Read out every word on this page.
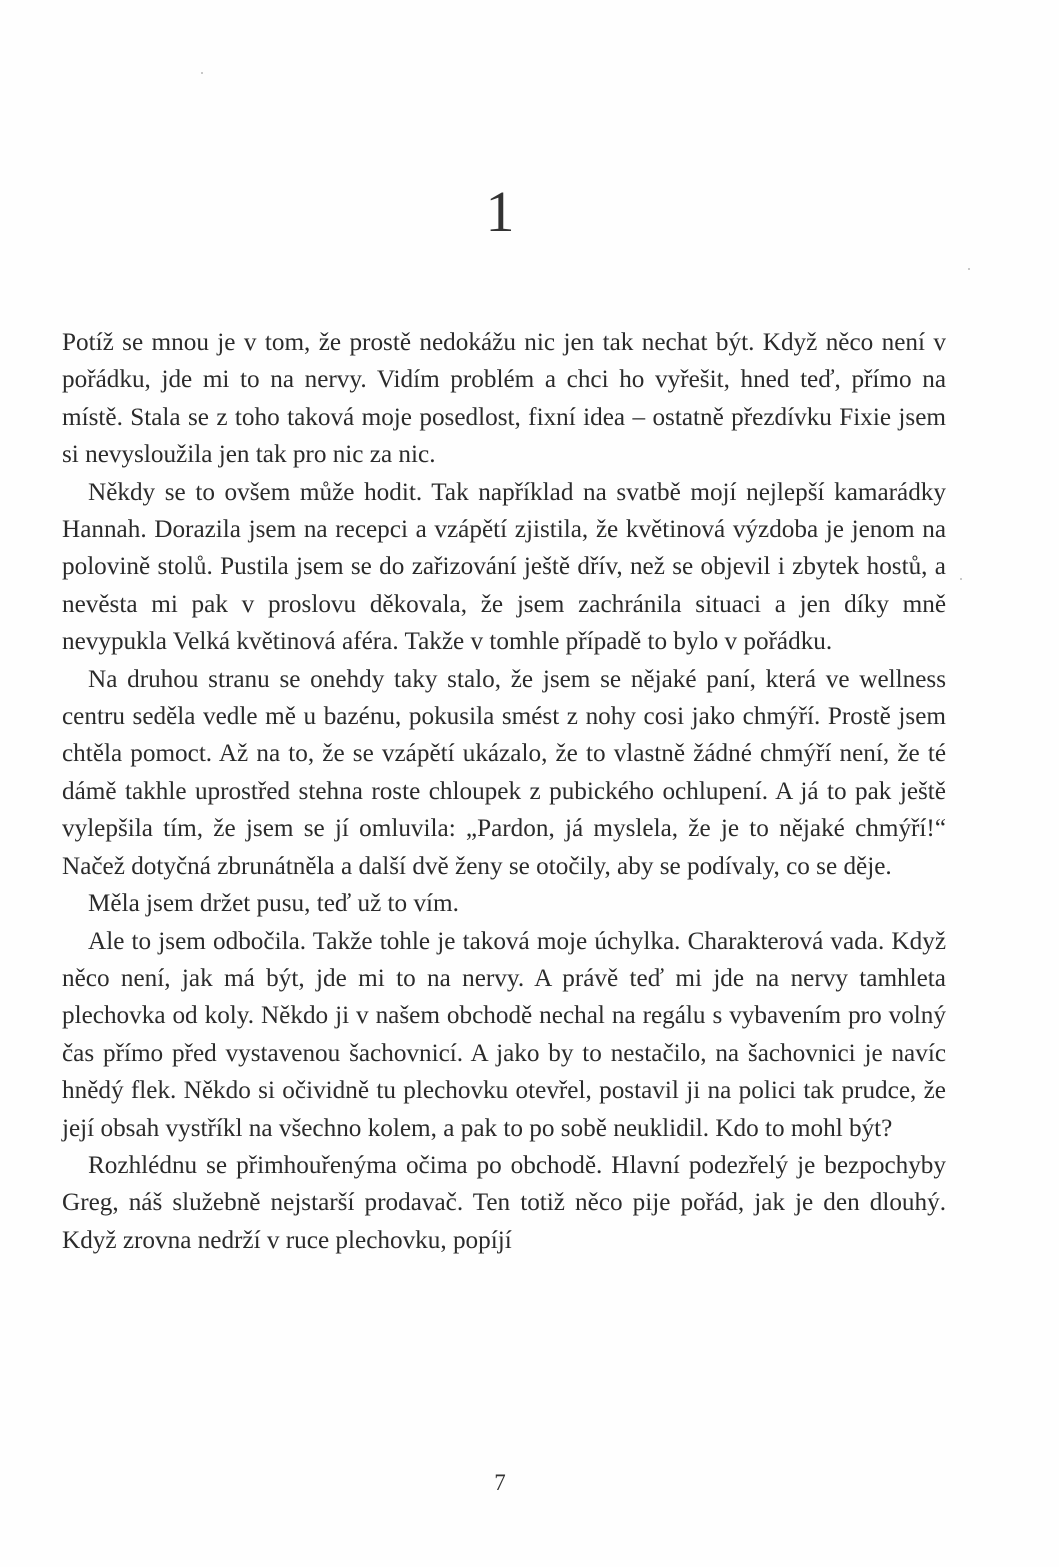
1

Potíž se mnou je v tom, že prostě nedokážu nic jen tak nechat být. Když něco není v pořádku, jde mi to na nervy. Vidím problém a chci ho vyřešit, hned teď, přímo na místě. Stala se z toho taková moje posedlost, fixní idea – ostatně přezdívku Fixie jsem si nevysloužila jen tak pro nic za nic.

Někdy se to ovšem může hodit. Tak například na svatbě mojí nejlepší kamarádky Hannah. Dorazila jsem na recepci a vzápětí zjistila, že květinová výzdoba je jenom na polovině stolů. Pustila jsem se do zařizování ještě dřív, než se objevil i zbytek hostů, a nevěsta mi pak v proslovu děkovala, že jsem zachránila situaci a jen díky mně nevypukla Velká květinová aféra. Takže v tomhle případě to bylo v pořádku.

Na druhou stranu se onehdy taky stalo, že jsem se nějaké paní, která ve wellness centru seděla vedle mě u bazénu, pokusila smést z nohy cosi jako chmýří. Prostě jsem chtěla pomoct. Až na to, že se vzápětí ukázalo, že to vlastně žádné chmýří není, že té dámě takhle uprostřed stehna roste chloupek z pubického ochlupení. A já to pak ještě vylepšila tím, že jsem se jí omluvila: „Pardon, já myslela, že je to nějaké chmýří!“ Načež dotyčná zbrunátněla a další dvě ženy se otočily, aby se podívaly, co se děje.

Měla jsem držet pusu, teď už to vím.

Ale to jsem odbočila. Takže tohle je taková moje úchylka. Charakterová vada. Když něco není, jak má být, jde mi to na nervy. A právě teď mi jde na nervy tamhleta plechovka od koly. Někdo ji v našem obchodě nechal na regálu s vybavením pro volný čas přímo před vystavenou šachovnicí. A jako by to nestačilo, na šachovnici je navíc hnědý flek. Někdo si očividně tu plechovku otevřel, postavil ji na polici tak prudce, že její obsah vystříkl na všechno kolem, a pak to po sobě neuklidil. Kdo to mohl být?

Rozhlédnu se přimhouřenýma očima po obchodě. Hlavní podezřelý je bezpochyby Greg, náš služebně nejstarší prodavač. Ten totiž něco pije pořád, jak je den dlouhý. Když zrovna nedrží v ruce plechovku, popíjí

7
